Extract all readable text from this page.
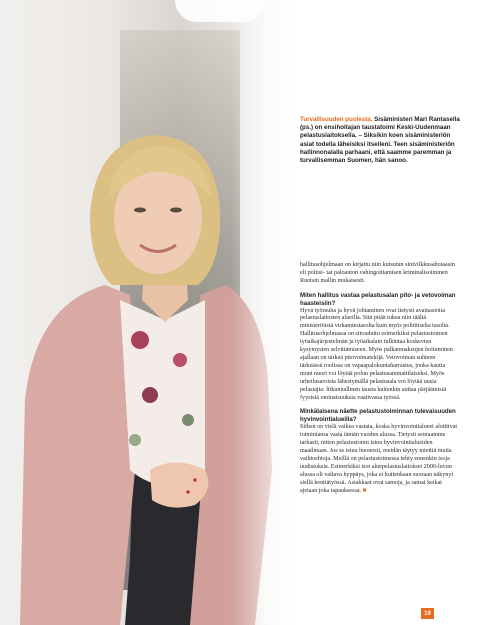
Turvallisuuden puolesta. Sisäministeri Mari Rantasella (ps.) on ensihoitajan taustatoimi Keski-Uudenmaan pelastuslaitoksella. – Siksikin koen sisäministeriön asiat todella läheisiksi itselleni. Teen sisäministeriön hallinnonalalla parhaani, että saamme paremman ja turvallisemman Suomen, hän sanoo.

hallitusohjelmaan on kirjattu niin kutsutun sinivilkkusabotaasin eli poliisi- tai paloauton vahingoittamisen kriminalisoiminen Ruotsin mallin mukaisesti.

Miten hallitus vastaa pelastusalan pito- ja vetovoiman haasteisiin?

Hyvä työrauha ja hyvä johtaminen ovat tietysti avainasioita pelastuslaitosten alueilla. Sitä pitää tukea niin täältä ministeriöistä virkamiestasolta kuin myös poliittiselta tasolta. Hallitusohjelmassa on sitouduttu esimerkiksi pelastustoimen työaikajärjestelmän ja työaikalain tulkintaa koskevien kysymysten selvittämiseen. Myös palkanmaksujen hoituminen ajallaan on tärkeä pitovoimatekijä. Vetovoiman suhteen tärkeässä roolissa on vapaapalokuntaharrastus, jonka kautta moni nuori voi löytää polun pelastusammattilaiseksi. Myös urheilusaroista lähestymällä pelastusala voi löytää uusia pelastajia: liikunnallinen tausta kuitenkin auttaa pärjäämistä fyysisiä ominaisuuksia vaativassa työssä.

Minkälaisena näette pelastustoiminnan tulevaisuuden hyvinvointialueilla?

Siihen on vielä vaikea vastata, koska hyvinvointialueet aloittivat toimintansa vasta tämän vuoden alussa. Tietysti seuraamme tarkasti, miten pelastustoimi istuu hyvinvointialueiden maailmaan. Jos se istuu huonosti, meidän täytyy miettiä muita vaihtoehtoja. Meillä on pelastustoimessa tehty ennenkin isoja uudistuksia. Esimerkiksi isot aluepelastuslaitokset 2000-luvun alussa oli valtava hyppäys, joka ei kuitenkaan suoraan näkynyt siellä kenttätyössä. Asiakkaat ovat samoja, ja samat keikat ajetaan joka tapauksessa. ■

19
